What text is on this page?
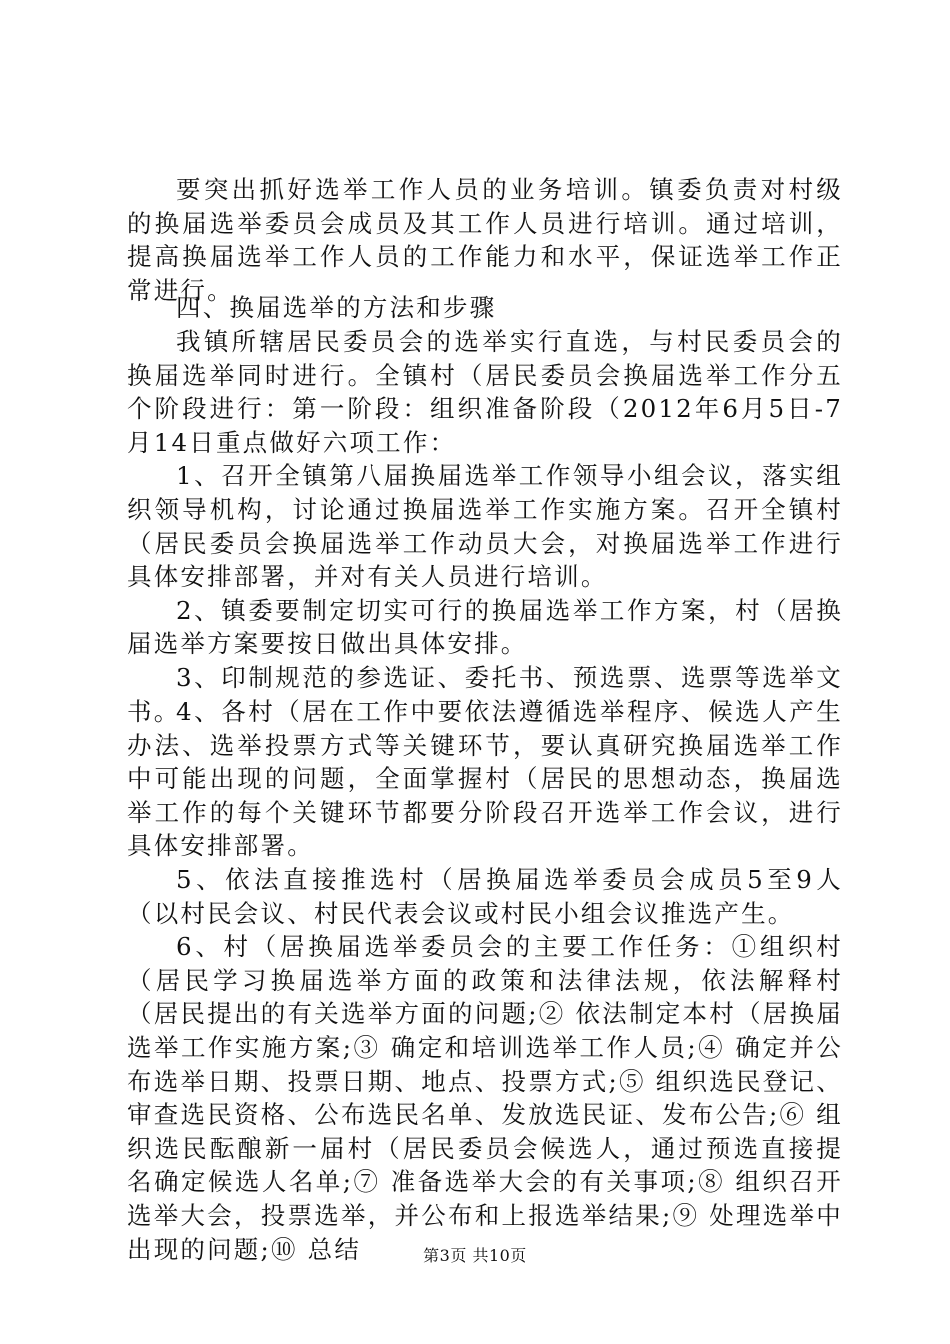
要突出抓好选举工作人员的业务培训。镇委负责对村级的换届选举委员会成员及其工作人员进行培训。通过培训，提高换届选举工作人员的工作能力和水平，保证选举工作正常进行。

四、换届选举的方法和步骤

我镇所辖居民委员会的选举实行直选，与村民委员会的换届选举同时进行。全镇村（居民委员会换届选举工作分五个阶段进行：第一阶段：组织准备阶段（2012年6月5日-7月14日重点做好六项工作：

1、召开全镇第八届换届选举工作领导小组会议，落实组织领导机构，讨论通过换届选举工作实施方案。召开全镇村（居民委员会换届选举工作动员大会，对换届选举工作进行具体安排部署，并对有关人员进行培训。

2、镇委要制定切实可行的换届选举工作方案，村（居换届选举方案要按日做出具体安排。

3、印制规范的参选证、委托书、预选票、选票等选举文书。

4、各村（居在工作中要依法遵循选举程序、候选人产生办法、选举投票方式等关键环节，要认真研究换届选举工作中可能出现的问题，全面掌握村（居民的思想动态，换届选举工作的每个关键环节都要分阶段召开选举工作会议，进行具体安排部署。

5、依法直接推选村（居换届选举委员会成员5至9人（以村民会议、村民代表会议或村民小组会议推选产生。

6、村（居换届选举委员会的主要工作任务：①组织村（居民学习换届选举方面的政策和法律法规，依法解释村（居民提出的有关选举方面的问题;② 依法制定本村（居换届选举工作实施方案;③ 确定和培训选举工作人员;④ 确定并公布选举日期、投票日期、地点、投票方式;⑤ 组织选民登记、审查选民资格、公布选民名单、发放选民证、发布公告;⑥ 组织选民酝酿新一届村（居民委员会候选人，通过预选直接提名确定候选人名单;⑦ 准备选举大会的有关事项;⑧ 组织召开选举大会，投票选举，并公布和上报选举结果;⑨ 处理选举中出现的问题;⑩ 总结	第3页 共10页
